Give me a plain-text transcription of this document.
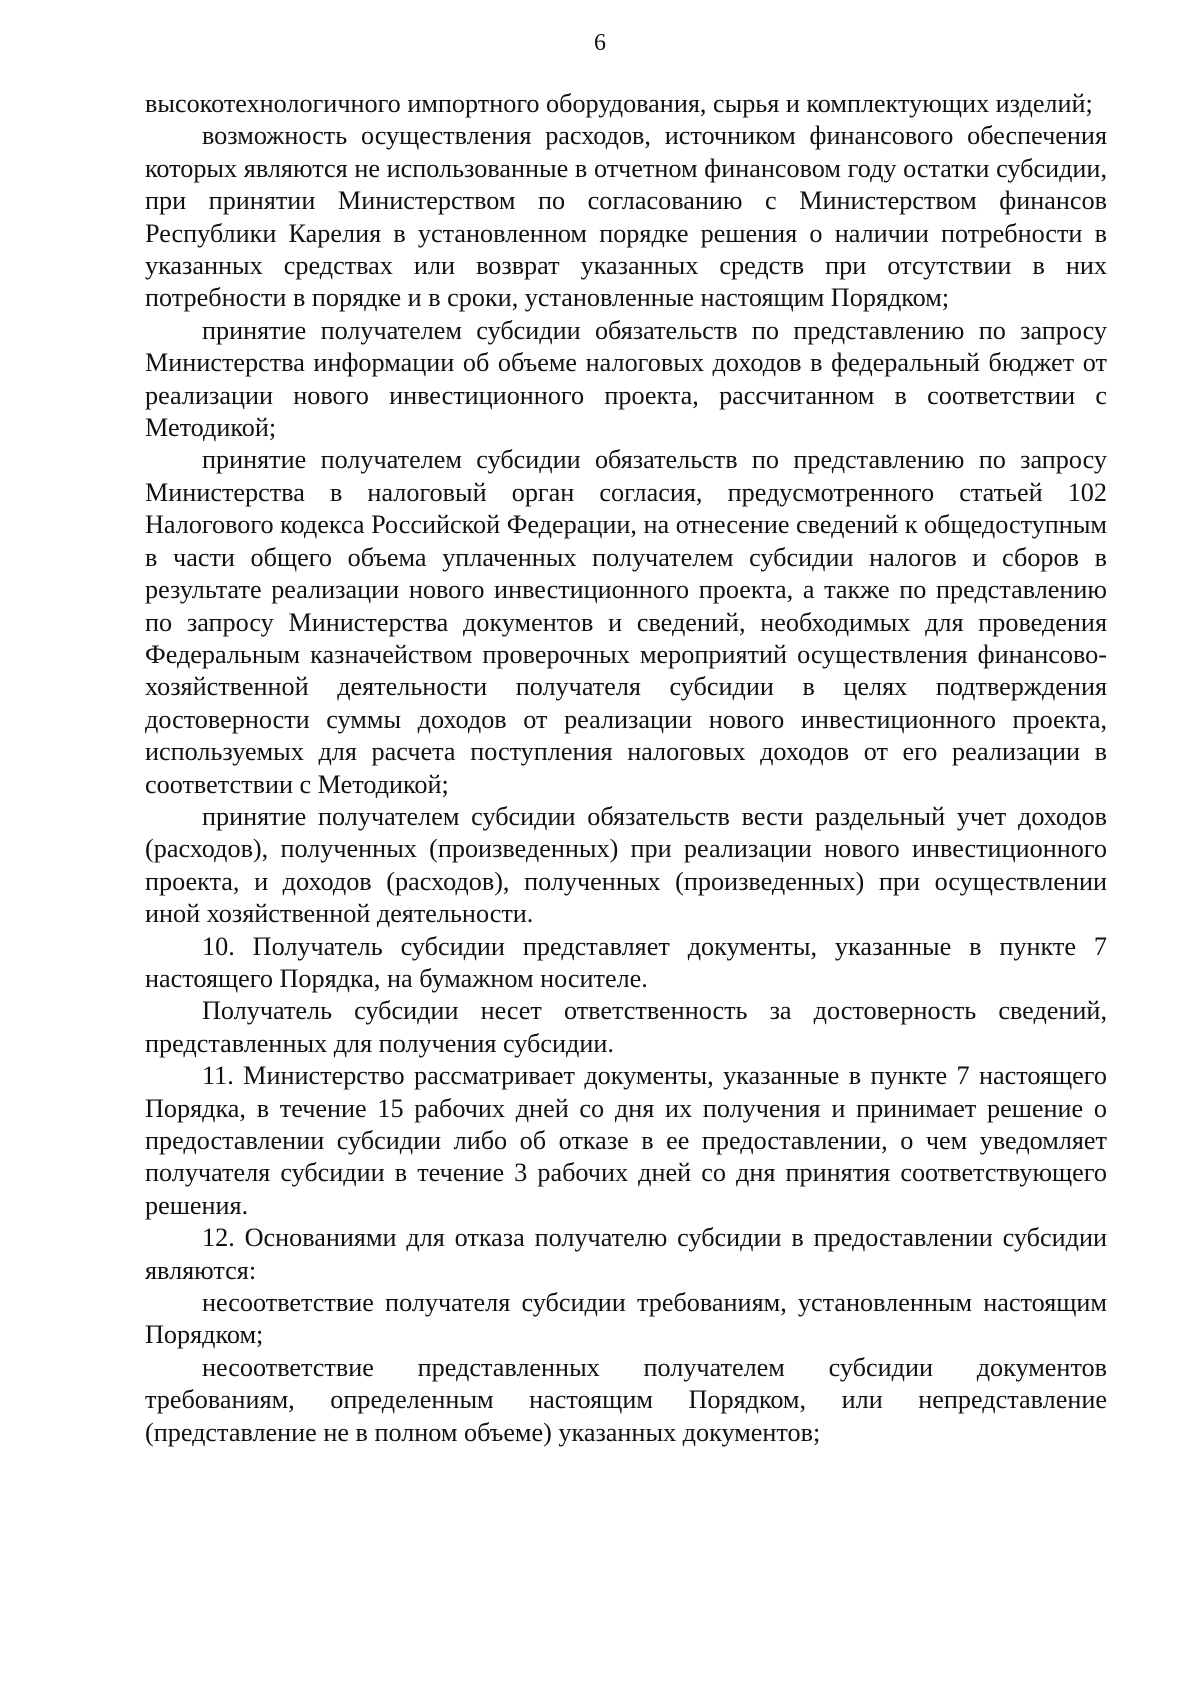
6

высокотехнологичного импортного оборудования, сырья и комплектующих изделий;

возможность осуществления расходов, источником финансового обеспечения которых являются не использованные в отчетном финансовом году остатки субсидии, при принятии Министерством по согласованию с Министерством финансов Республики Карелия в установленном порядке решения о наличии потребности в указанных средствах или возврат указанных средств при отсутствии в них потребности в порядке и в сроки, установленные настоящим Порядком;

принятие получателем субсидии обязательств по представлению по запросу Министерства информации об объеме налоговых доходов в федеральный бюджет от реализации нового инвестиционного проекта, рассчитанном в соответствии с Методикой;

принятие получателем субсидии обязательств по представлению по запросу Министерства в налоговый орган согласия, предусмотренного статьей 102 Налогового кодекса Российской Федерации, на отнесение сведений к общедоступным в части общего объема уплаченных получателем субсидии налогов и сборов в результате реализации нового инвестиционного проекта, а также по представлению по запросу Министерства документов и сведений, необходимых для проведения Федеральным казначейством проверочных мероприятий осуществления финансово-хозяйственной деятельности получателя субсидии в целях подтверждения достоверности суммы доходов от реализации нового инвестиционного проекта, используемых для расчета поступления налоговых доходов от его реализации в соответствии с Методикой;

принятие получателем субсидии обязательств вести раздельный учет доходов (расходов), полученных (произведенных) при реализации нового инвестиционного проекта, и доходов (расходов), полученных (произведенных) при осуществлении иной хозяйственной деятельности.

10. Получатель субсидии представляет документы, указанные в пункте 7 настоящего Порядка, на бумажном носителе.

Получатель субсидии несет ответственность за достоверность сведений, представленных для получения субсидии.

11. Министерство рассматривает документы, указанные в пункте 7 настоящего Порядка, в течение 15 рабочих дней со дня их получения и принимает решение о предоставлении субсидии либо об отказе в ее предоставлении, о чем уведомляет получателя субсидии в течение 3 рабочих дней со дня принятия соответствующего решения.

12. Основаниями для отказа получателю субсидии в предоставлении субсидии являются:

несоответствие получателя субсидии требованиям, установленным настоящим Порядком;

несоответствие представленных получателем субсидии документов требованиям, определенным настоящим Порядком, или непредставление (представление не в полном объеме) указанных документов;
